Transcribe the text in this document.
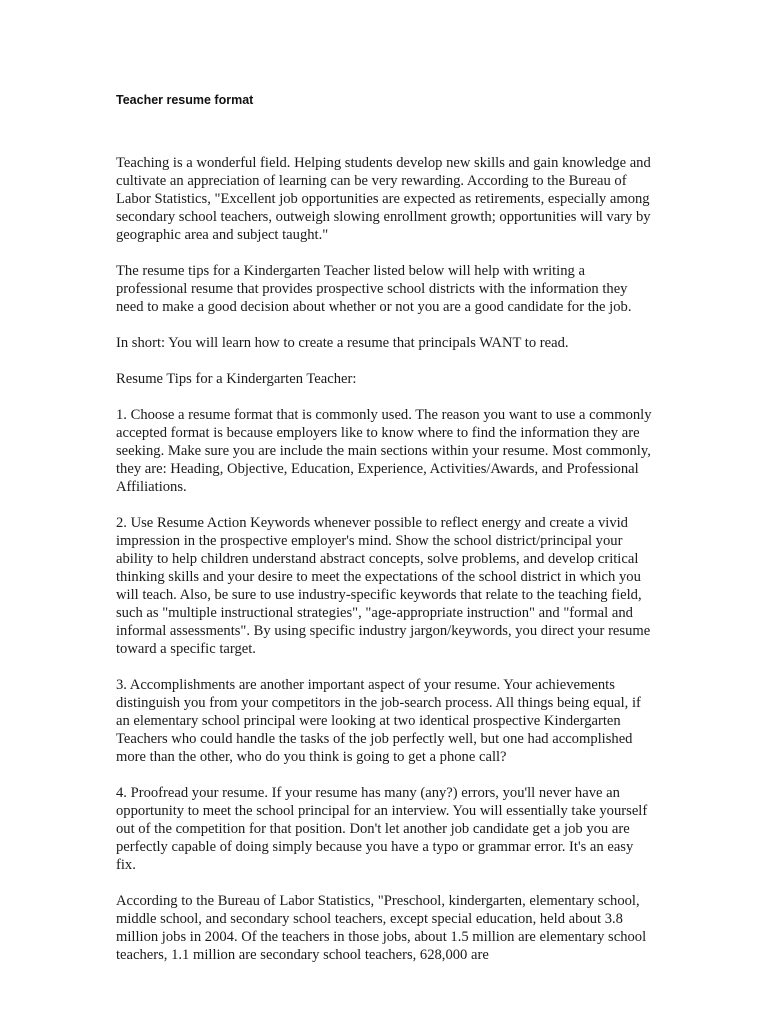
Teacher resume format

Teaching is a wonderful field. Helping students develop new skills and gain knowledge and cultivate an appreciation of learning can be very rewarding. According to the Bureau of Labor Statistics, "Excellent job opportunities are expected as retirements, especially among secondary school teachers, outweigh slowing enrollment growth; opportunities will vary by geographic area and subject taught."

The resume tips for a Kindergarten Teacher listed below will help with writing a professional resume that provides prospective school districts with the information they need to make a good decision about whether or not you are a good candidate for the job.

In short: You will learn how to create a resume that principals WANT to read.

Resume Tips for a Kindergarten Teacher:

1. Choose a resume format that is commonly used. The reason you want to use a commonly accepted format is because employers like to know where to find the information they are seeking. Make sure you are include the main sections within your resume. Most commonly, they are: Heading, Objective, Education, Experience, Activities/Awards, and Professional Affiliations.

2. Use Resume Action Keywords whenever possible to reflect energy and create a vivid impression in the prospective employer's mind. Show the school district/principal your ability to help children understand abstract concepts, solve problems, and develop critical thinking skills and your desire to meet the expectations of the school district in which you will teach. Also, be sure to use industry-specific keywords that relate to the teaching field, such as "multiple instructional strategies", "age-appropriate instruction" and "formal and informal assessments". By using specific industry jargon/keywords, you direct your resume toward a specific target.

3. Accomplishments are another important aspect of your resume. Your achievements distinguish you from your competitors in the job-search process. All things being equal, if an elementary school principal were looking at two identical prospective Kindergarten Teachers who could handle the tasks of the job perfectly well, but one had accomplished more than the other, who do you think is going to get a phone call?

4. Proofread your resume. If your resume has many (any?) errors, you'll never have an opportunity to meet the school principal for an interview. You will essentially take yourself out of the competition for that position. Don't let another job candidate get a job you are perfectly capable of doing simply because you have a typo or grammar error. It's an easy fix.

According to the Bureau of Labor Statistics, "Preschool, kindergarten, elementary school, middle school, and secondary school teachers, except special education, held about 3.8 million jobs in 2004. Of the teachers in those jobs, about 1.5 million are elementary school teachers, 1.1 million are secondary school teachers, 628,000 are
